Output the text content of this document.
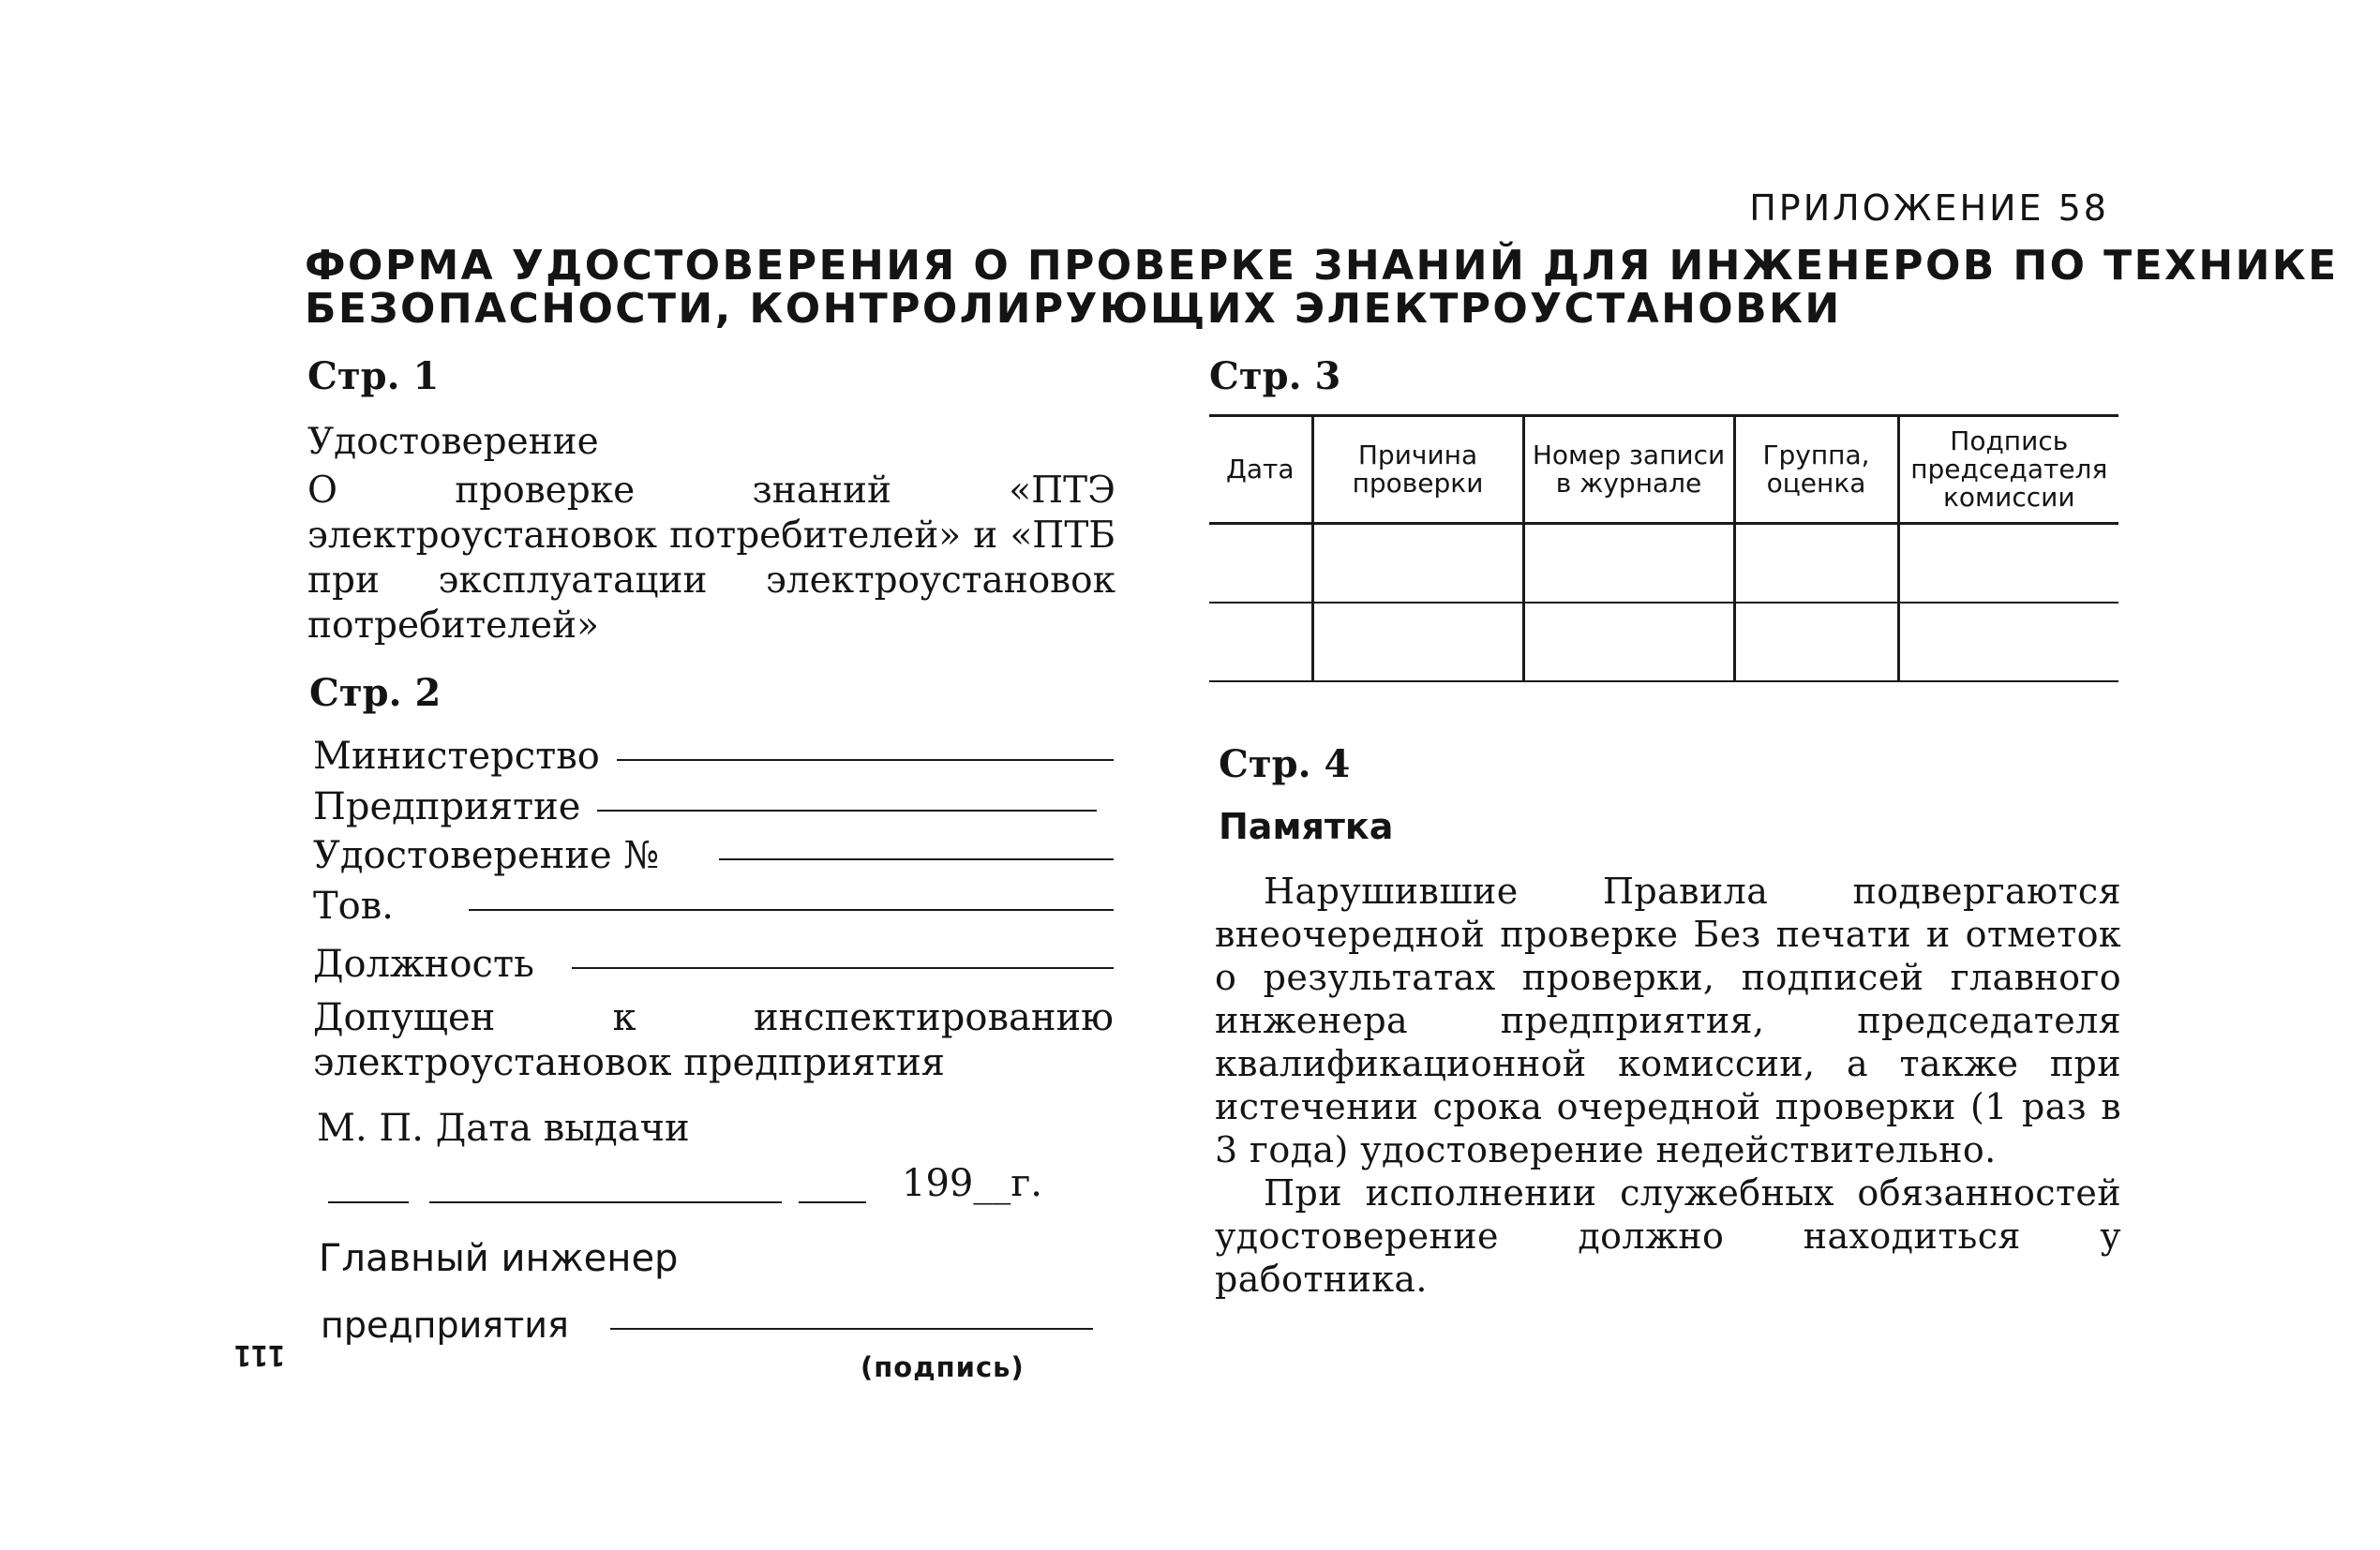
ПРИЛОЖЕНИЕ 58
ФОРМА УДОСТОВЕРЕНИЯ О ПРОВЕРКЕ ЗНАНИЙ ДЛЯ ИНЖЕНЕРОВ ПО ТЕХНИКЕ
БЕЗОПАСНОСТИ, КОНТРОЛИРУЮЩИХ ЭЛЕКТРОУСТАНОВКИ
Стр. 1
Удостоверение
О проверке знаний «ПТЭ электроустановок потребителей» и «ПТБ при эксплуатации электроустановок потребителей»
Стр. 2
Министерство
Предприятие
Удостоверение №
Тов.
Должность
Допущен к инспектированию электроустановок предприятия
М. П. Дата выдачи
199__г.
Главный инженер
предприятия
(подпись)
111
Стр. 3
Дата	Причина проверки	Номер записи в журнале	Группа, оценка	Подпись председателя комиссии

Стр. 4
Памятка
Нарушившие Правила подвергаются внеочередной проверке Без печати и отметок о результатах проверки, подписей главного инженера предприятия, председателя квалификационной комиссии, а также при истечении срока очередной проверки (1 раз в 3 года) удостоверение недействительно.
При исполнении служебных обязанностей удостоверение должно находиться у работника.
